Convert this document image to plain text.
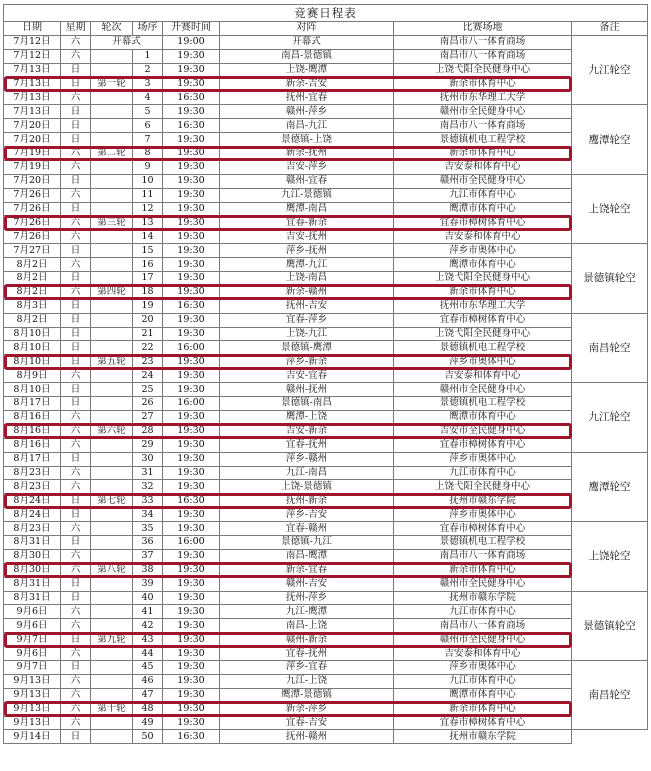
竞赛日程表							
日期	星期	轮次	场序	开赛时间	对阵	比赛场地	备注
7月12日	六	开幕式		19:00	开幕式	南昌市八一体育商场	九江轮空
7月12日	六		1	19:30	南昌-景德镇	南昌市八一体育商场	
7月13日	日		2	19:30	上饶-鹰潭	上饶弋阳全民健身中心	
7月13日	日	第一轮	3	19:30	新余-吉安	新余市体育中心	
7月13日	六		4	16:30	抚州-宜春	抚州市东华理工大学	
7月13日	日		5	19:30	赣州-萍乡	赣州市全民健身中心	鹰潭轮空
7月20日	日		6	16:30	南昌-九江	南昌市八一体育商场	
7月20日	日		7	19:30	景德镇-上饶	景德镇机电工程学校	
7月19日	六	第二轮	8	19:30	新余-抚州	新余市体育中心	
7月19日	六		9	19:30	吉安-萍乡	吉安泰和体育中心	
7月20日	日		10	19:30	赣州-宜春	赣州市全民健身中心	上饶轮空
7月26日	六		11	19:30	九江-景德镇	九江市体育中心	
7月26日	日		12	19:30	鹰潭-南昌	鹰潭市体育中心	
7月26日	六	第三轮	13	19:30	宜春-新余	宜春市樟树体育中心	
7月26日	六		14	19:30	吉安-抚州	吉安泰和体育中心	
7月27日	日		15	19:30	萍乡-抚州	萍乡市奥体中心	景德镇轮空
8月2日	六		16	19:30	鹰潭-九江	鹰潭市体育中心	
8月2日	日		17	19:30	上饶-南昌	上饶弋阳全民健身中心	
8月2日	六	第四轮	18	19:30	新余-赣州	新余市体育中心	
8月3日	日		19	16:30	抚州-吉安	抚州市东华理工大学	
8月2日	日		20	19:30	宜春-萍乡	宜春市樟树体育中心	南昌轮空
8月10日	日		21	19:30	上饶-九江	上饶弋阳全民健身中心	
8月10日	日		22	16:00	景德镇-鹰潭	景德镇机电工程学校	
8月10日	日	第五轮	23	19:30	萍乡-新余	萍乡市奥体中心	
8月9日	六		24	19:30	吉安-宜春	吉安泰和体育中心	
8月10日	日		25	19:30	赣州-抚州	赣州市全民健身中心	九江轮空
8月17日	日		26	16:00	景德镇-南昌	景德镇机电工程学校	
8月16日	六		27	19:30	鹰潭-上饶	鹰潭市体育中心	
8月16日	六	第六轮	28	19:30	吉安-新余	吉安市全民健身中心	
8月16日	六		29	19:30	宜春-抚州	宜春市樟树体育中心	
8月17日	日		30	19:30	萍乡-赣州	萍乡市奥体中心	鹰潭轮空
8月23日	六		31	19:30	九江-南昌	九江市体育中心	
8月23日	六		32	19:30	上饶-景德镇	上饶弋阳全民健身中心	
8月24日	日	第七轮	33	16:30	抚州-新余	抚州市赣东学院	
8月24日	日		34	19:30	萍乡-吉安	萍乡市奥体中心	
8月23日	六		35	19:30	宜春-赣州	宜春市樟树体育中心	上饶轮空
8月31日	日		36	16:00	景德镇-九江	景德镇机电工程学校	
8月30日	六		37	19:30	南昌-鹰潭	南昌市八一体育商场	
8月30日	六	第八轮	38	19:30	新余-宜春	新余市体育中心	
8月31日	日		39	19:30	赣州-吉安	赣州市全民健身中心	
8月31日	日		40	19:30	抚州-萍乡	抚州市赣东学院	景德镇轮空
9月6日	六		41	19:30	九江-鹰潭	九江市体育中心	
9月6日	六		42	19:30	南昌-上饶	南昌市八一体育商场	
9月7日	日	第九轮	43	19:30	赣州-新余	赣州市全民健身中心	
9月6日	六		44	19:30	宜春-抚州	吉安泰和体育中心	
9月7日	日		45	19:30	萍乡-宜春	萍乡市奥体中心	南昌轮空
9月13日	六		46	19:30	九江-上饶	九江市体育中心	
9月13日	六		47	19:30	鹰潭-景德镇	鹰潭市体育中心	
9月13日	六	第十轮	48	19:30	新余-萍乡	新余市体育中心	
9月13日	六		49	19:30	宜春-吉安	宜春市樟树体育中心	
9月14日	日		50	16:30	抚州-赣州	抚州市赣东学院	
